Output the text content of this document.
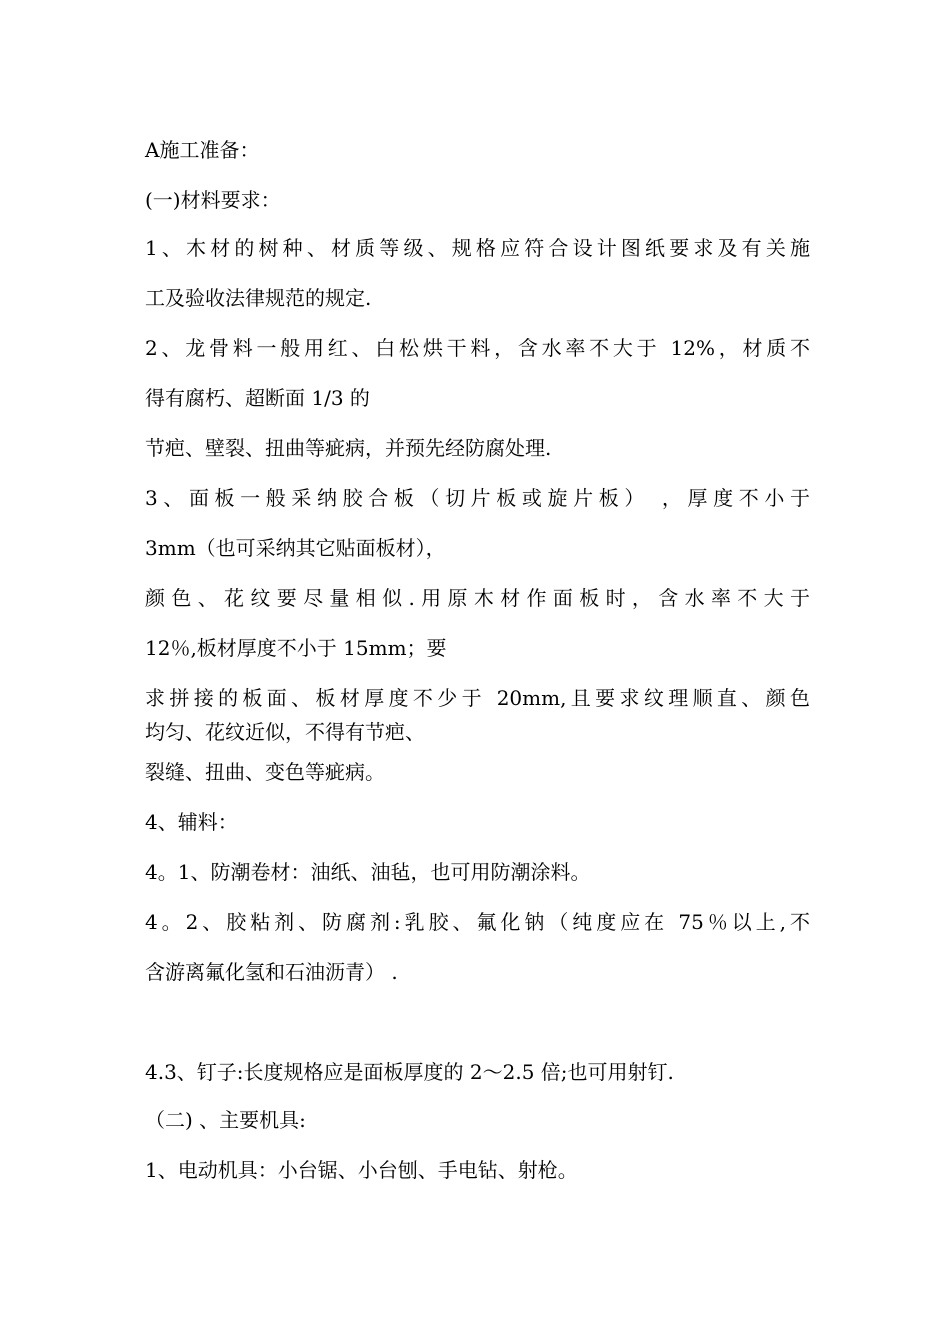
A施工准备：

(一)材料要求：

1、木材的树种、材质等级、规格应符合设计图纸要求及有关施

工及验收法律规范的规定.

2、龙骨料一般用红、白松烘干料，含水率不大于 12%，材质不

得有腐朽、超断面 1/3 的

节疤、壁裂、扭曲等疵病，并预先经防腐处理.

3、面板一般采纳胶合板（切片板或旋片板） ，厚度不小于

3mm（也可采纳其它贴面板材），

颜色、花纹要尽量相似.用原木材作面板时，含水率不大于

12％,板材厚度不小于 15mm；要

求拼接的板面、板材厚度不少于 20mm,且要求纹理顺直、颜色

均匀、花纹近似，不得有节疤、

裂缝、扭曲、变色等疵病。

4、辅料：

4。1、防潮卷材：油纸、油毡，也可用防潮涂料。

4。2、胶粘剂、防腐剂:乳胶、氟化钠（纯度应在 75％以上,不

含游离氟化氢和石油沥青） .

4.3、钉子:长度规格应是面板厚度的 2～2.5 倍;也可用射钉.

（二) 、主要机具:

1、电动机具：小台锯、小台刨、手电钻、射枪。
